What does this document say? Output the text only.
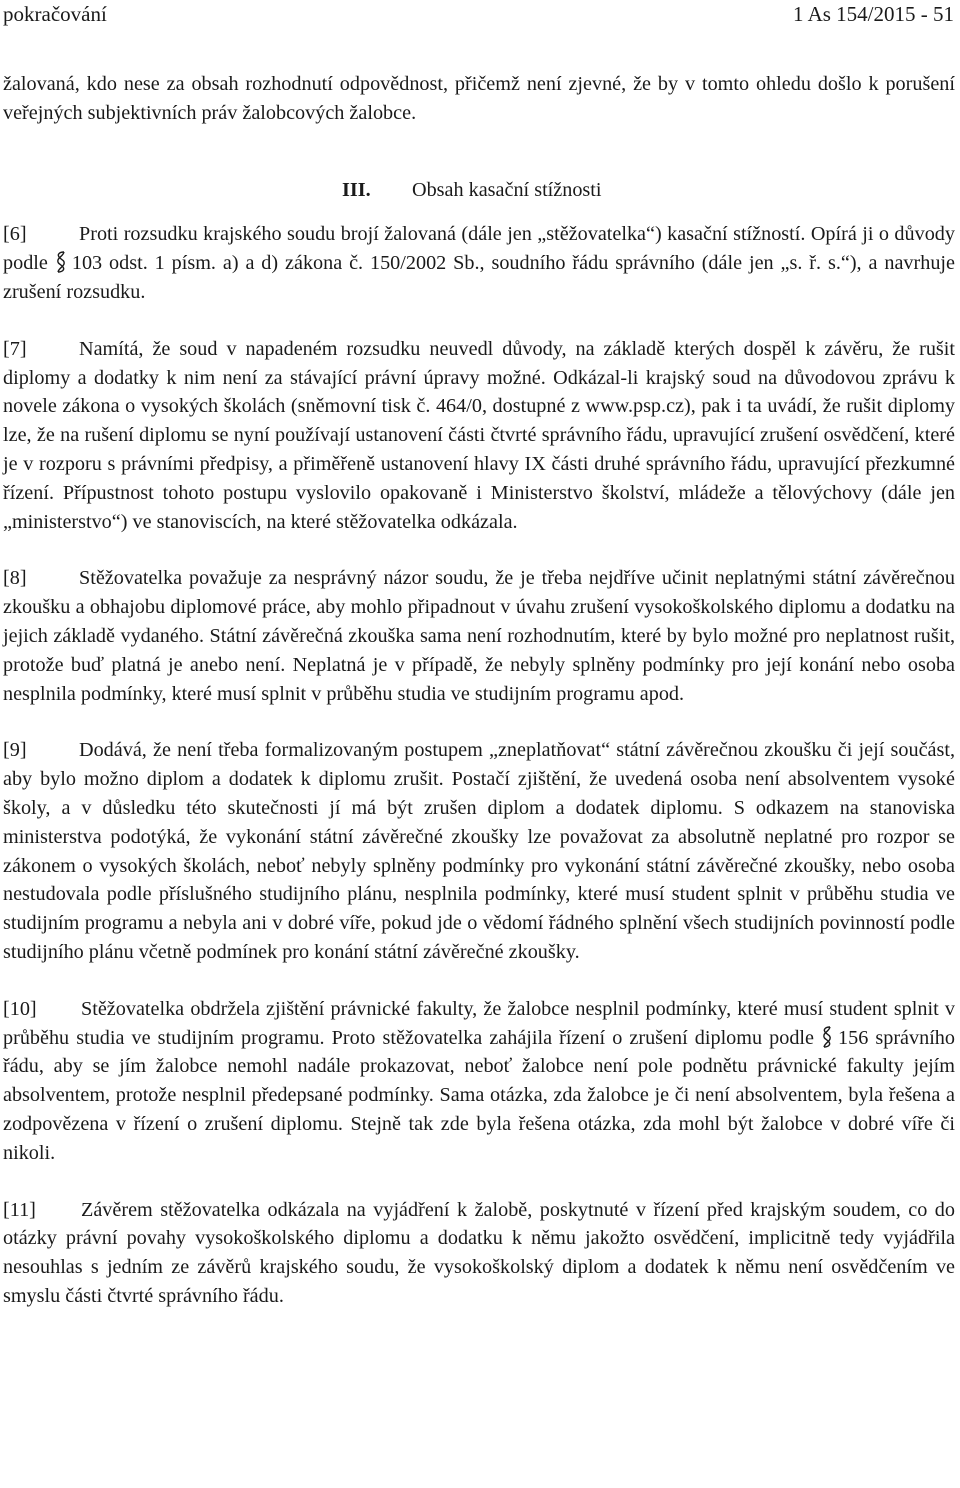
pokračování	1 As 154/2015 - 51

žalovaná, kdo nese za obsah rozhodnutí odpovědnost, přičemž není zjevné, že by v tomto ohledu došlo k porušení veřejných subjektivních práv žalobcových žalobce.

III. Obsah kasační stížnosti

[6]	Proti rozsudku krajského soudu brojí žalovaná (dále jen „stěžovatelka“) kasační stížností. Opírá ji o důvody podle 103 odst. 1 písm. a) a d) zákona č. 150/2002 Sb., soudního řádu správního (dále jen „s. ř. s.“), a navrhuje zrušení rozsudku.

[7]	Namítá, že soud v napadeném rozsudku neuvedl důvody, na základě kterých dospěl k závěru, že rušit diplomy a dodatky k nim není za stávající právní úpravy možné. Odkázal-li krajský soud na důvodovou zprávu k novele zákona o vysokých školách (sněmovní tisk č. 464/0, dostupné z www.psp.cz), pak i ta uvádí, že rušit diplomy lze, že na rušení diplomu se nyní používají ustanovení části čtvrté správního řádu, upravující zrušení osvědčení, které je v rozporu s právními předpisy, a přiměřeně ustanovení hlavy IX části druhé správního řádu, upravující přezkumné řízení. Přípustnost tohoto postupu vyslovilo opakovaně i Ministerstvo školství, mládeže a tělovýchovy (dále jen „ministerstvo“) ve stanoviscích, na které stěžovatelka odkázala.

[8]	Stěžovatelka považuje za nesprávný názor soudu, že je třeba nejdříve učinit neplatnými státní závěrečnou zkoušku a obhajobu diplomové práce, aby mohlo připadnout v úvahu zrušení vysokoškolského diplomu a dodatku na jejich základě vydaného. Státní závěrečná zkouška sama není rozhodnutím, které by bylo možné pro neplatnost rušit, protože buď platná je anebo není. Neplatná je v případě, že nebyly splněny podmínky pro její konání nebo osoba nesplnila podmínky, které musí splnit v průběhu studia ve studijním programu apod.

[9]	Dodává, že není třeba formalizovaným postupem „zneplatňovat“ státní závěrečnou zkoušku či její součást, aby bylo možno diplom a dodatek k diplomu zrušit. Postačí zjištění, že uvedená osoba není absolventem vysoké školy, a v důsledku této skutečnosti jí má být zrušen diplom a dodatek diplomu. S odkazem na stanoviska ministerstva podotýká, že vykonání státní závěrečné zkoušky lze považovat za absolutně neplatné pro rozpor se zákonem o vysokých školách, neboť nebyly splněny podmínky pro vykonání státní závěrečné zkoušky, nebo osoba nestudovala podle příslušného studijního plánu, nesplnila podmínky, které musí student splnit v průběhu studia ve studijním programu a nebyla ani v dobré víře, pokud jde o vědomí řádného splnění všech studijních povinností podle studijního plánu včetně podmínek pro konání státní závěrečné zkoušky.

[10] Stěžovatelka obdržela zjištění právnické fakulty, že žalobce nesplnil podmínky, které musí student splnit v průběhu studia ve studijním programu. Proto stěžovatelka zahájila řízení o zrušení diplomu podle 156 správního řádu, aby se jím žalobce nemohl nadále prokazovat, neboť žalobce není pole podnětu právnické fakulty jejím absolventem, protože nesplnil předepsané podmínky. Sama otázka, zda žalobce je či není absolventem, byla řešena a zodpovězena v řízení o zrušení diplomu. Stejně tak zde byla řešena otázka, zda mohl být žalobce v dobré víře či nikoli.

[11] Závěrem stěžovatelka odkázala na vyjádření k žalobě, poskytnuté v řízení před krajským soudem, co do otázky právní povahy vysokoškolského diplomu a dodatku k němu jakožto osvědčení, implicitně tedy vyjádřila nesouhlas s jedním ze závěrů krajského soudu, že vysokoškolský diplom a dodatek k němu není osvědčením ve smyslu části čtvrté správního řádu.
